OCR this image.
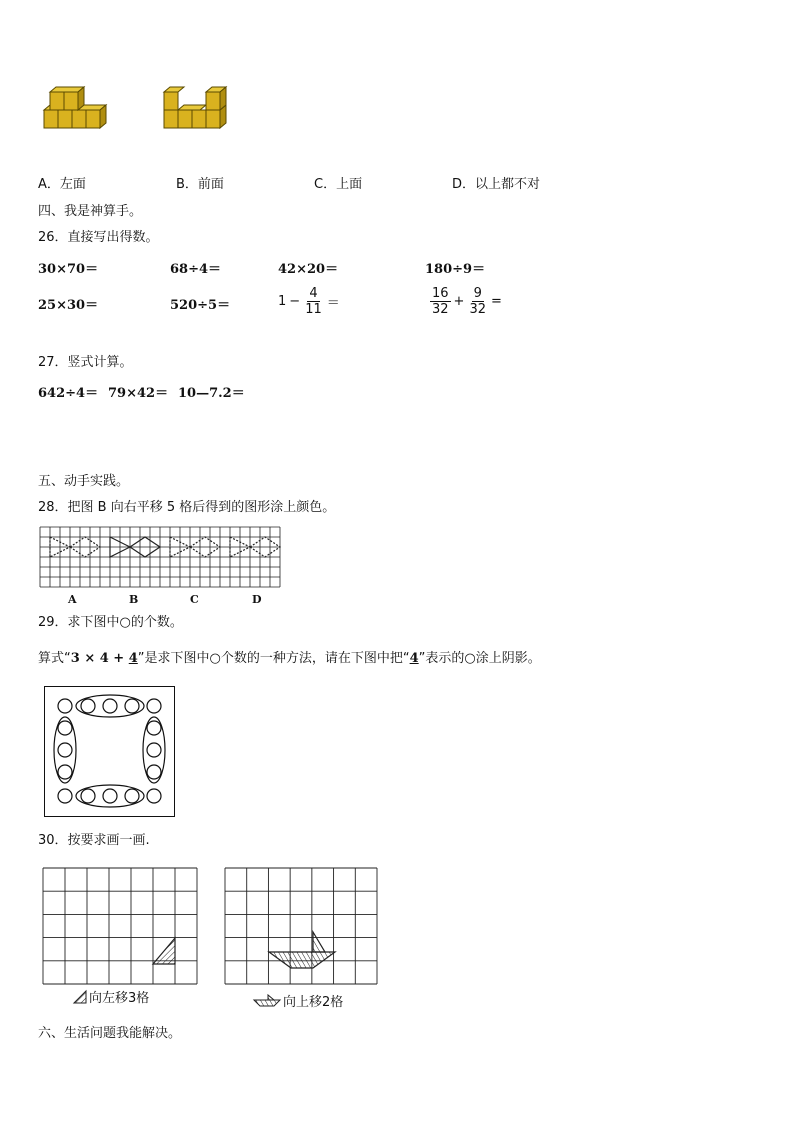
A．左面	B．前面	C．上面	D．以上都不对
四、我是神算手。
26．直接写出得数。
30×70＝	68÷4＝	42×20＝	180÷9＝
25×30＝	520÷5＝	$1 - \frac{4}{11}$ ＝	$\frac{16}{32} + \frac{9}{32}$ =
27．竖式计算。
642÷4＝ 79×42＝ 10—7.2＝
五、动手实践。
28．把图 B 向右平移 5 格后得到的图形涂上颜色。
A	B	C	D
29．求下图中○的个数。
算式“3 × 4 + 4”是求下图中○个数的一种方法，请在下图中把“4”表示的○涂上阴影。
30．按要求画一画.
向左移3格	向上移2格
六、生活问题我能解决。
